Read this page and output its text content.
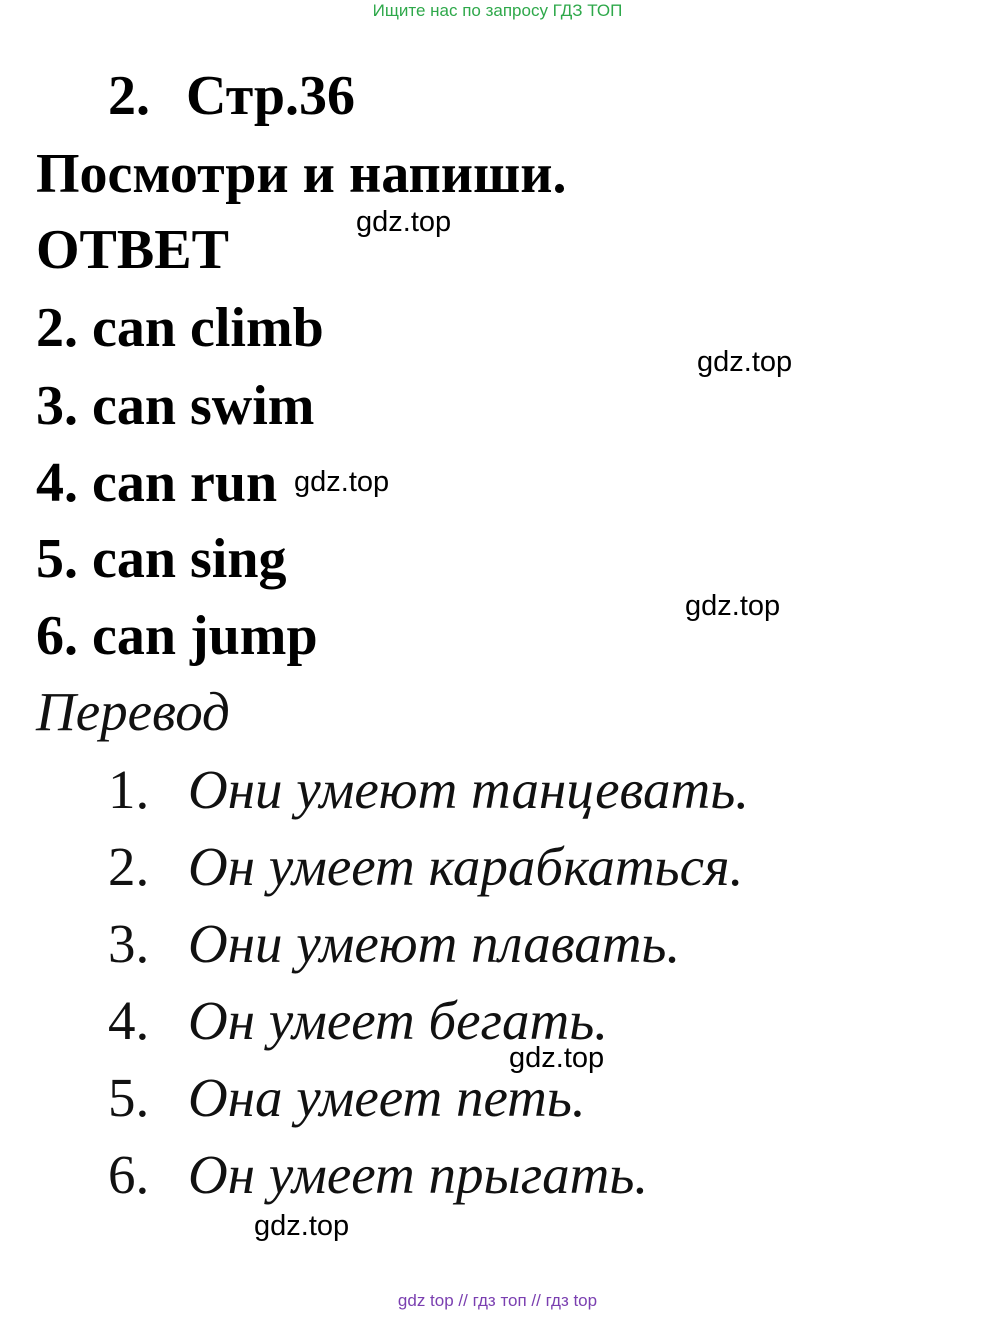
Ищите нас по запросу ГДЗ ТОП
2. Стр.36
Посмотри и напиши.
ОТВЕТ
2. can climb
3. can swim
4. can run
5. can sing
6. can jump
Перевод
1. Они умеют танцевать.
2. Он умеет карабкаться.
3. Они умеют плавать.
4. Он умеет бегать.
5. Она умеет петь.
6. Он умеет прыгать.
gdz.top
gdz.top
gdz.top
gdz.top
gdz.top
gdz.top
gdz top // гдз топ // гдз top
